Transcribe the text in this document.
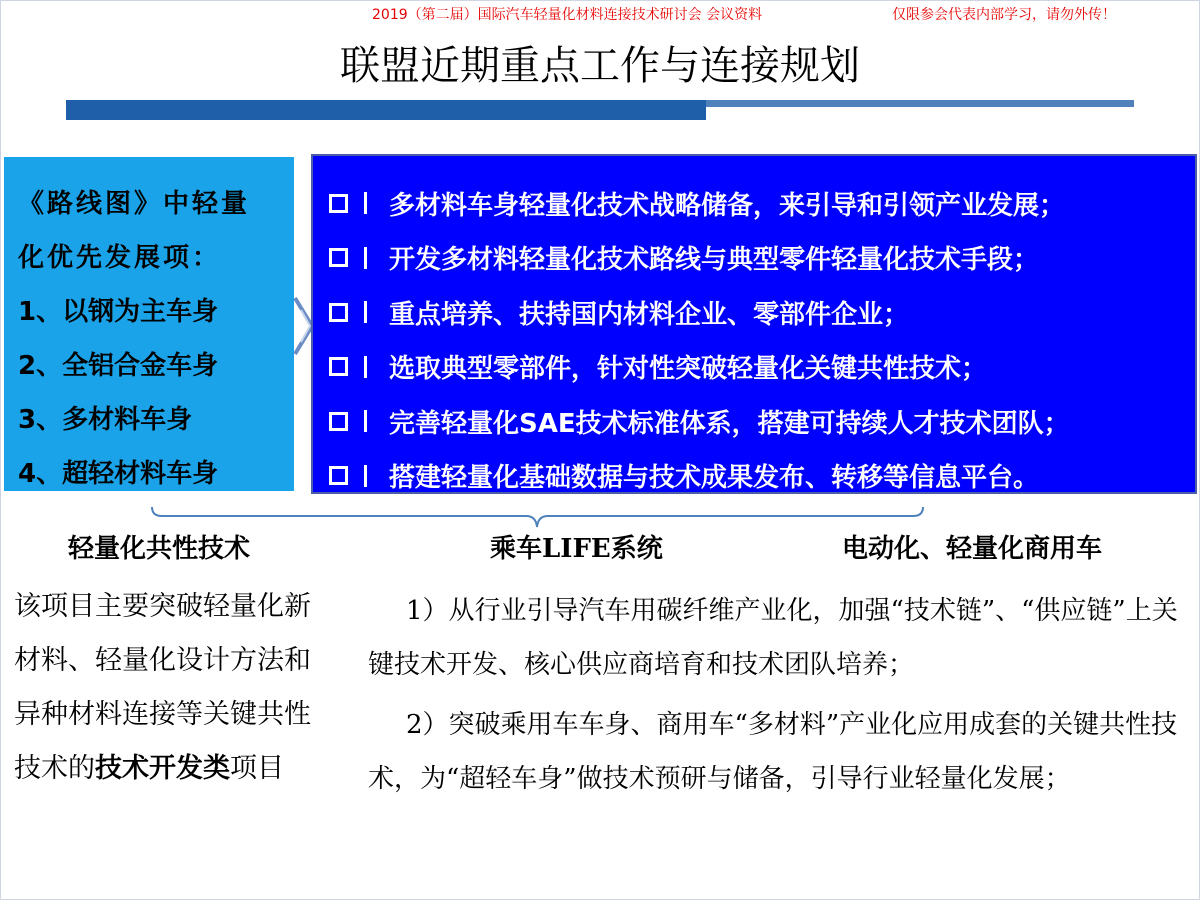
2019（第二届）国际汽车轻量化材料连接技术研讨会 会议资料	仅限参会代表内部学习，请勿外传！
联盟近期重点工作与连接规划
《路线图》中轻量
化优先发展项：
1、以钢为主车身
2、全铝合金车身
3、多材料车身
4、超轻材料车身
多材料车身轻量化技术战略储备，来引导和引领产业发展；
开发多材料轻量化技术路线与典型零件轻量化技术手段；
重点培养、扶持国内材料企业、零部件企业；
选取典型零部件，针对性突破轻量化关键共性技术；
完善轻量化SAE技术标准体系，搭建可持续人才技术团队；
搭建轻量化基础数据与技术成果发布、转移等信息平台。
轻量化共性技术	乘车LIFE系统	电动化、轻量化商用车
该项目主要突破轻量化新材料、轻量化设计方法和异种材料连接等关键共性技术的技术开发类项目

1）从行业引导汽车用碳纤维产业化，加强“技术链”、“供应链”上关键技术开发、核心供应商培育和技术团队培养；

2）突破乘用车车身、商用车“多材料”产业化应用成套的关键共性技术，为“超轻车身”做技术预研与储备，引导行业轻量化发展；
